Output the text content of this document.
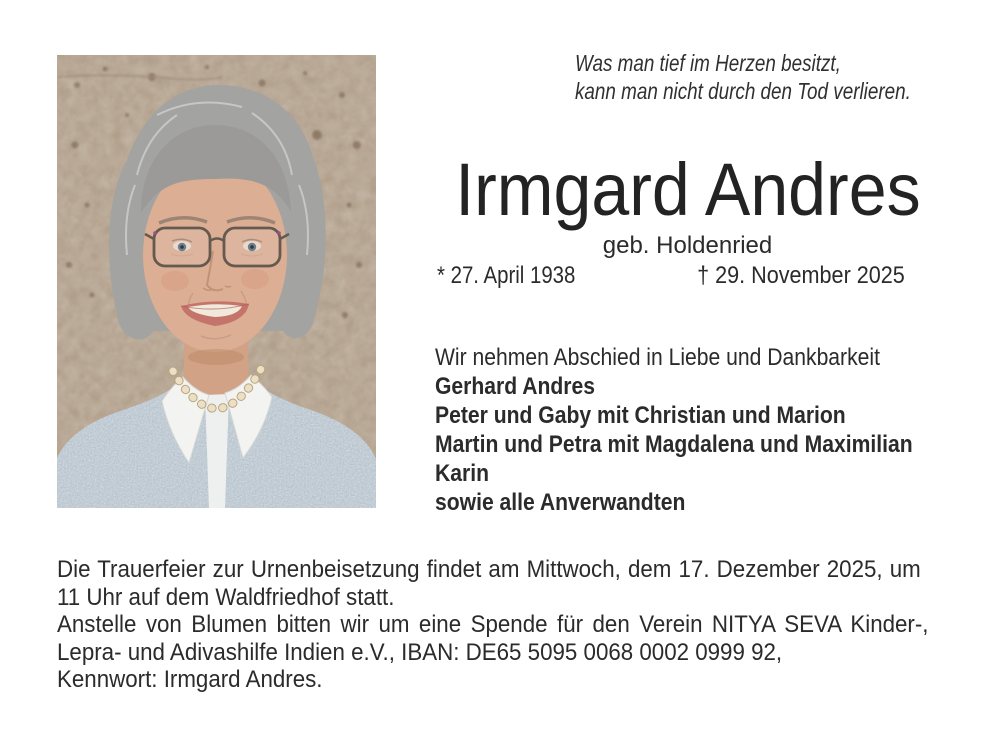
Was man tief im Herzen besitzt,
kann man nicht durch den Tod verlieren.
Irmgard Andres
geb. Holdenried
* 27. April 1938	† 29. November 2025
Wir nehmen Abschied in Liebe und Dankbarkeit
Gerhard Andres
Peter und Gaby mit Christian und Marion
Martin und Petra mit Magdalena und Maximilian
Karin
sowie alle Anverwandten
Die Trauerfeier zur Urnenbeisetzung findet am Mittwoch, dem 17. Dezember 2025, um
11 Uhr auf dem Waldfriedhof statt.
Anstelle von Blumen bitten wir um eine Spende für den Verein NITYA SEVA Kinder-,
Lepra- und Adivashilfe Indien e.V., IBAN: DE65 5095 0068 0002 0999 92,
Kennwort: Irmgard Andres.
